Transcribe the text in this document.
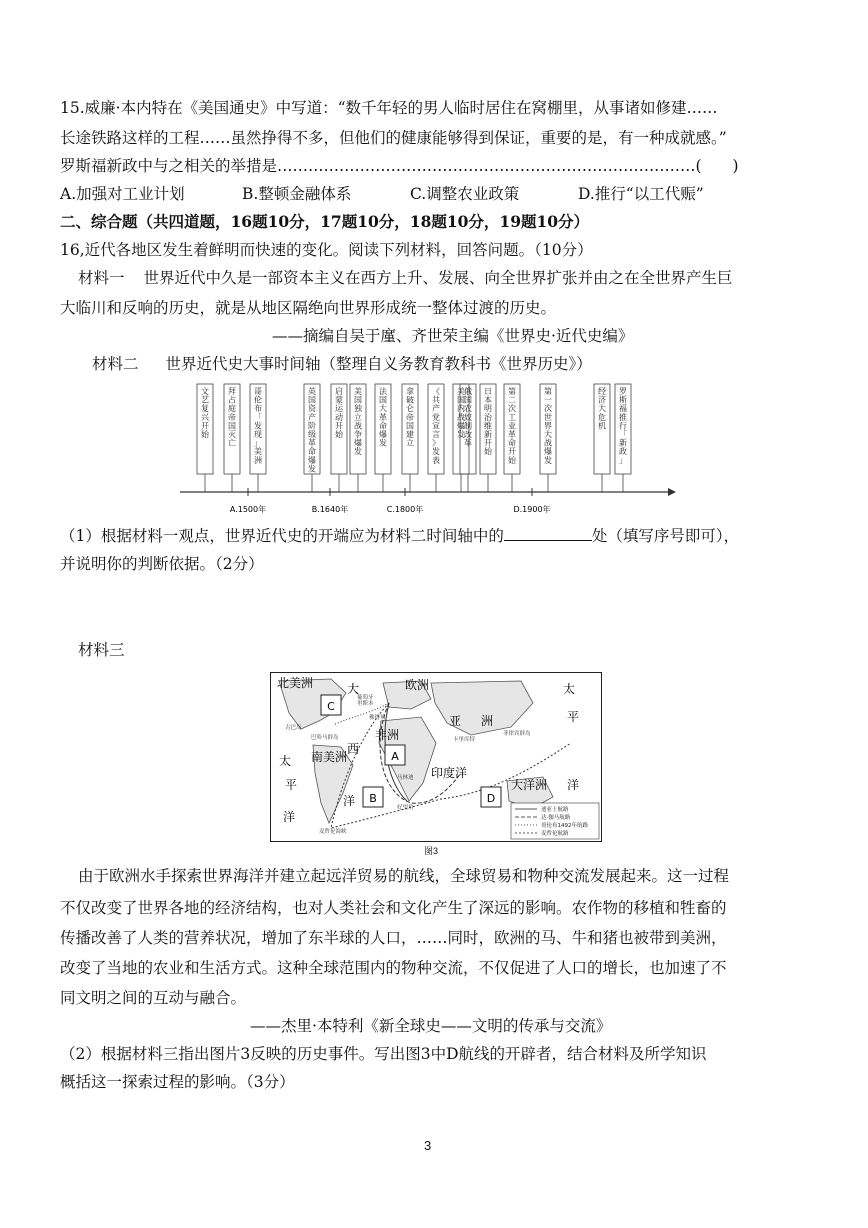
15.威廉·本内特在《美国通史》中写道：“数千年轻的男人临时居住在窝棚里，从事诸如修建……
长途铁路这样的工程……虽然挣得不多，但他们的健康能够得到保证，重要的是，有一种成就感。”
罗斯福新政中与之相关的举措是………………………………………………………………………(　　)
A.加强对工业计划	B.整顿金融体系	C.调整农业政策	D.推行“以工代赈”
二、综合题（共四道题，16题10分，17题10分，18题10分，19题10分）
16,近代各地区发生着鲜明而快速的变化。阅读下列材料，回答问题。（10分）
材料一 世界近代中久是一部资本主义在西方上升、发展、向全世界扩张并由之在全世界产生巨
大临川和反响的历史，就是从地区隔绝向世界形成统一整体过渡的历史。
——摘编自吴于廑、齐世荣主编《世界史·近代史编》
材料二 世界近代史大事时间轴（整理自义务教育教科书《世界历史》）
A.1500年	B.1640年	C.1800年	D.1900年
文艺复兴开始
拜占庭帝国灭亡
哥伦布「发现」美洲
英国资产阶级革命爆发
启蒙运动开始
美国独立战争爆发
法国大革命爆发
拿破仑帝国建立
《共产党宣言》发表
美国内战爆发
俄国农奴制改革
日本明治维新开始
第二次工业革命开始
第一次世界大战爆发
经济大危机
罗斯福推行「新政」
（1）根据材料一观点，世界近代史的开端应为材料二时间轴中的	处（填写序号即可），
并说明你的判断依据。（2分）
材料三
C
A
B	D
北美洲	大	欧洲
亚 洲
太
平
非洲
西
南美洲
太
平
洋
洋
印度洋
大洋洲 洋
葡萄牙
里斯本
古巴岛
巴哈马群岛
佛得角
马林迪
卡里库特
菲律宾群岛
好望角
麦哲伦海峡
迪亚士航路
达·伽马航路
哥伦布1492年航路
麦哲伦航路
图3
由于欧洲水手探索世界海洋并建立起远洋贸易的航线，全球贸易和物种交流发展起来。这一过程
不仅改变了世界各地的经济结构，也对人类社会和文化产生了深远的影响。农作物的移植和牲畜的
传播改善了人类的营养状况，增加了东半球的人口，……同时，欧洲的马、牛和猪也被带到美洲，
改变了当地的农业和生活方式。这种全球范围内的物种交流，不仅促进了人口的增长，也加速了不
同文明之间的互动与融合。
——杰里·本特利《新全球史——文明的传承与交流》
（2）根据材料三指出图片3反映的历史事件。写出图3中D航线的开辟者，结合材料及所学知识
概括这一探索过程的影响。（3分）
3
